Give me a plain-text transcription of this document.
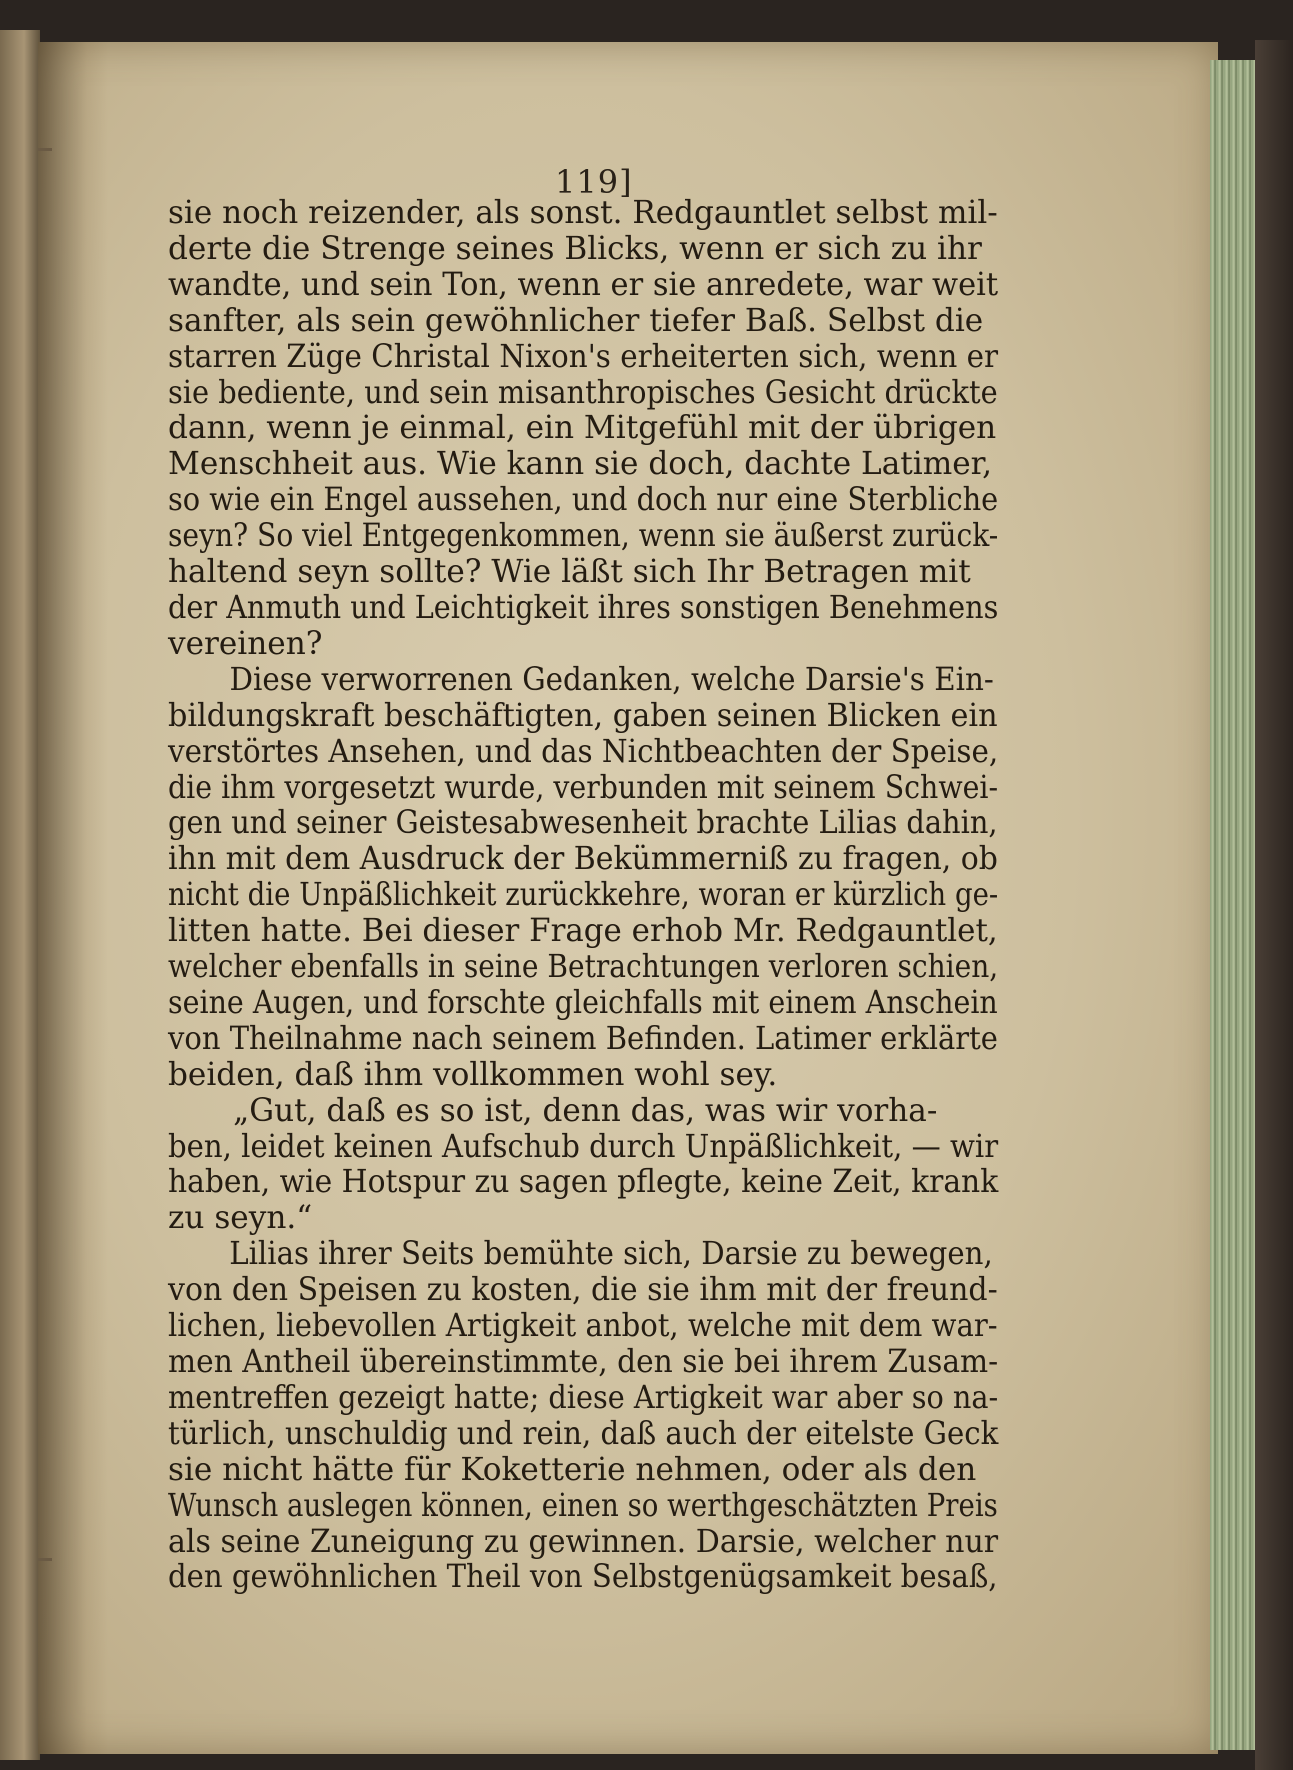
119]
sie noch reizender, als sonst. Redgauntlet selbst mil-
derte die Strenge seines Blicks, wenn er sich zu ihr
wandte, und sein Ton, wenn er sie anredete, war weit
sanfter, als sein gewöhnlicher tiefer Baß. Selbst die
starren Züge Christal Nixon's erheiterten sich, wenn er
sie bediente, und sein misanthropisches Gesicht drückte
dann, wenn je einmal, ein Mitgefühl mit der übrigen
Menschheit aus. Wie kann sie doch, dachte Latimer,
so wie ein Engel aussehen, und doch nur eine Sterbliche
seyn? So viel Entgegenkommen, wenn sie äußerst zurück-
haltend seyn sollte? Wie läßt sich Ihr Betragen mit
der Anmuth und Leichtigkeit ihres sonstigen Benehmens
vereinen?
Diese verworrenen Gedanken, welche Darsie's Ein-
bildungskraft beschäftigten, gaben seinen Blicken ein
verstörtes Ansehen, und das Nichtbeachten der Speise,
die ihm vorgesetzt wurde, verbunden mit seinem Schwei-
gen und seiner Geistesabwesenheit brachte Lilias dahin,
ihn mit dem Ausdruck der Bekümmerniß zu fragen, ob
nicht die Unpäßlichkeit zurückkehre, woran er kürzlich ge-
litten hatte. Bei dieser Frage erhob Mr. Redgauntlet,
welcher ebenfalls in seine Betrachtungen verloren schien,
seine Augen, und forschte gleichfalls mit einem Anschein
von Theilnahme nach seinem Befinden. Latimer erklärte
beiden, daß ihm vollkommen wohl sey.
„Gut, daß es so ist, denn das, was wir vorha-
ben, leidet keinen Aufschub durch Unpäßlichkeit, — wir
haben, wie Hotspur zu sagen pflegte, keine Zeit, krank
zu seyn.“
Lilias ihrer Seits bemühte sich, Darsie zu bewegen,
von den Speisen zu kosten, die sie ihm mit der freund-
lichen, liebevollen Artigkeit anbot, welche mit dem war-
men Antheil übereinstimmte, den sie bei ihrem Zusam-
mentreffen gezeigt hatte; diese Artigkeit war aber so na-
türlich, unschuldig und rein, daß auch der eitelste Geck
sie nicht hätte für Koketterie nehmen, oder als den
Wunsch auslegen können, einen so werthgeschätzten Preis
als seine Zuneigung zu gewinnen. Darsie, welcher nur
den gewöhnlichen Theil von Selbstgenügsamkeit besaß,
